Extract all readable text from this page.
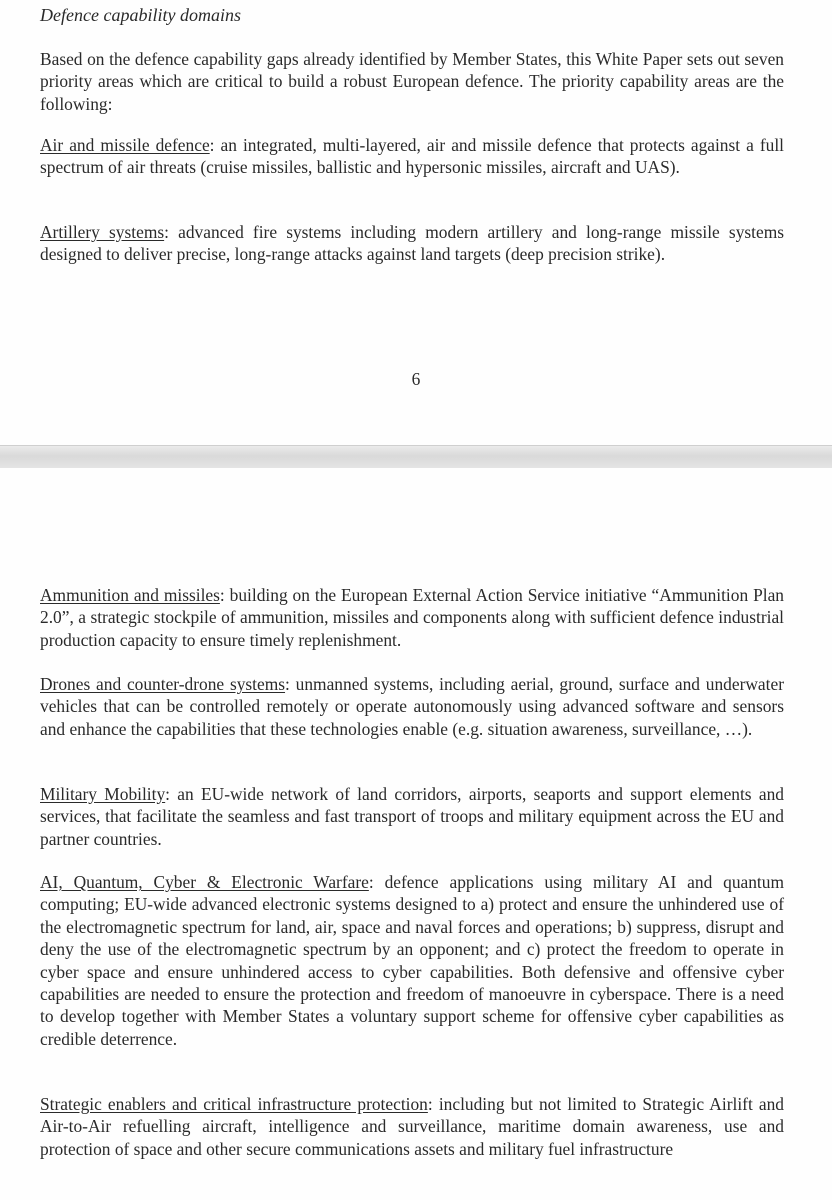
Defence capability domains

Based on the defence capability gaps already identified by Member States, this White Paper sets out seven priority areas which are critical to build a robust European defence. The priority capability areas are the following:

Air and missile defence: an integrated, multi-layered, air and missile defence that protects against a full spectrum of air threats (cruise missiles, ballistic and hypersonic missiles, aircraft and UAS).

Artillery systems: advanced fire systems including modern artillery and long-range missile systems designed to deliver precise, long-range attacks against land targets (deep precision strike).

6

Ammunition and missiles: building on the European External Action Service initiative “Ammunition Plan 2.0”, a strategic stockpile of ammunition, missiles and components along with sufficient defence industrial production capacity to ensure timely replenishment.

Drones and counter-drone systems: unmanned systems, including aerial, ground, surface and underwater vehicles that can be controlled remotely or operate autonomously using advanced software and sensors and enhance the capabilities that these technologies enable (e.g. situation awareness, surveillance, …).

Military Mobility: an EU-wide network of land corridors, airports, seaports and support elements and services, that facilitate the seamless and fast transport of troops and military equipment across the EU and partner countries.

AI, Quantum, Cyber & Electronic Warfare: defence applications using military AI and quantum computing; EU-wide advanced electronic systems designed to a) protect and ensure the unhindered use of the electromagnetic spectrum for land, air, space and naval forces and operations; b) suppress, disrupt and deny the use of the electromagnetic spectrum by an opponent; and c) protect the freedom to operate in cyber space and ensure unhindered access to cyber capabilities. Both defensive and offensive cyber capabilities are needed to ensure the protection and freedom of manoeuvre in cyberspace. There is a need to develop together with Member States a voluntary support scheme for offensive cyber capabilities as credible deterrence.

Strategic enablers and critical infrastructure protection: including but not limited to Strategic Airlift and Air-to-Air refuelling aircraft, intelligence and surveillance, maritime domain awareness, use and protection of space and other secure communications assets and military fuel infrastructure
